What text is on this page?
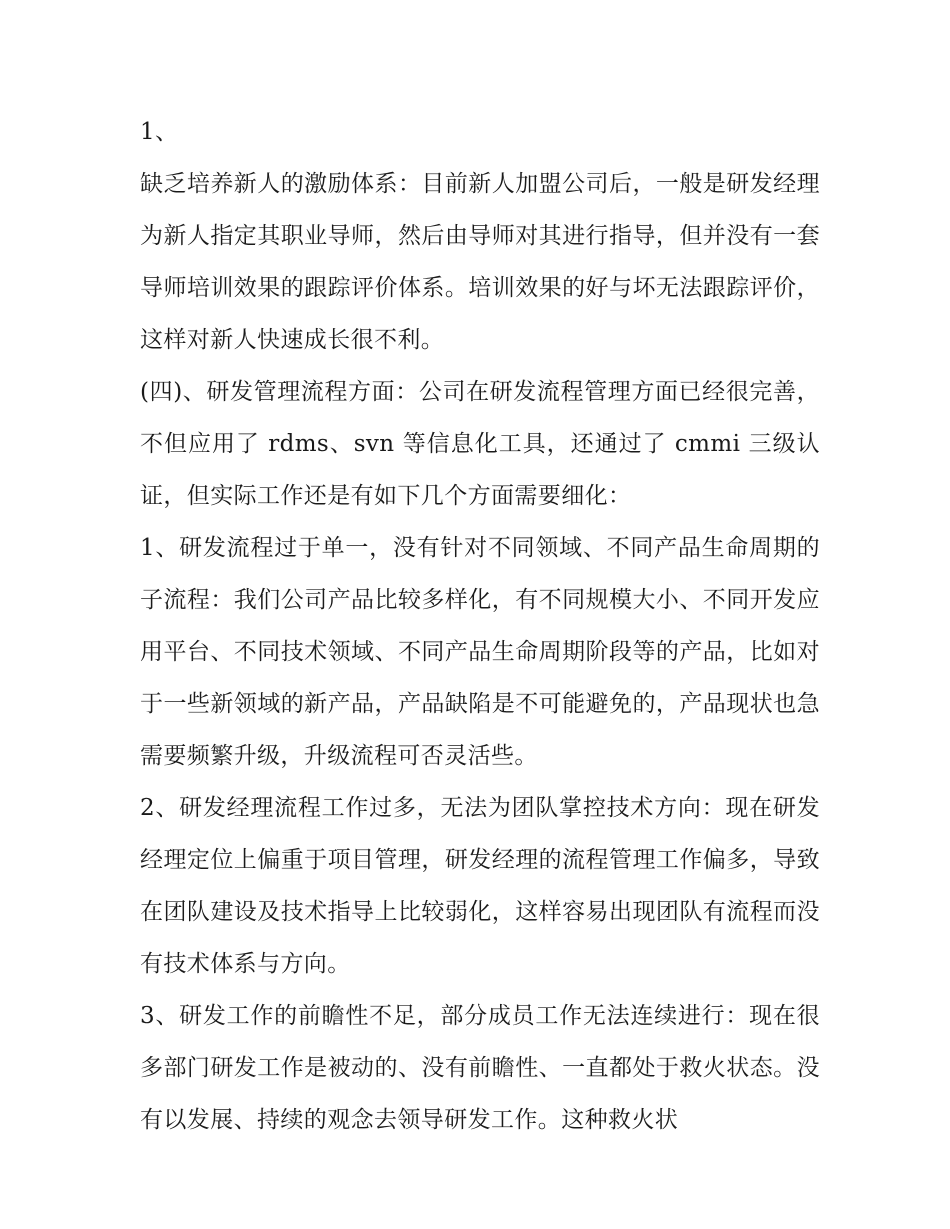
1、

缺乏培养新人的激励体系：目前新人加盟公司后，一般是研发经理为新人指定其职业导师，然后由导师对其进行指导，但并没有一套导师培训效果的跟踪评价体系。培训效果的好与坏无法跟踪评价，这样对新人快速成长很不利。

(四)、研发管理流程方面：公司在研发流程管理方面已经很完善，不但应用了 rdms、svn 等信息化工具，还通过了 cmmi 三级认证，但实际工作还是有如下几个方面需要细化：

1、研发流程过于单一，没有针对不同领域、不同产品生命周期的子流程：我们公司产品比较多样化，有不同规模大小、不同开发应用平台、不同技术领域、不同产品生命周期阶段等的产品，比如对于一些新领域的新产品，产品缺陷是不可能避免的，产品现状也急需要频繁升级，升级流程可否灵活些。

2、研发经理流程工作过多，无法为团队掌控技术方向：现在研发经理定位上偏重于项目管理，研发经理的流程管理工作偏多，导致在团队建设及技术指导上比较弱化，这样容易出现团队有流程而没有技术体系与方向。

3、研发工作的前瞻性不足，部分成员工作无法连续进行：现在很多部门研发工作是被动的、没有前瞻性、一直都处于救火状态。没有以发展、持续的观念去领导研发工作。这种救火状
